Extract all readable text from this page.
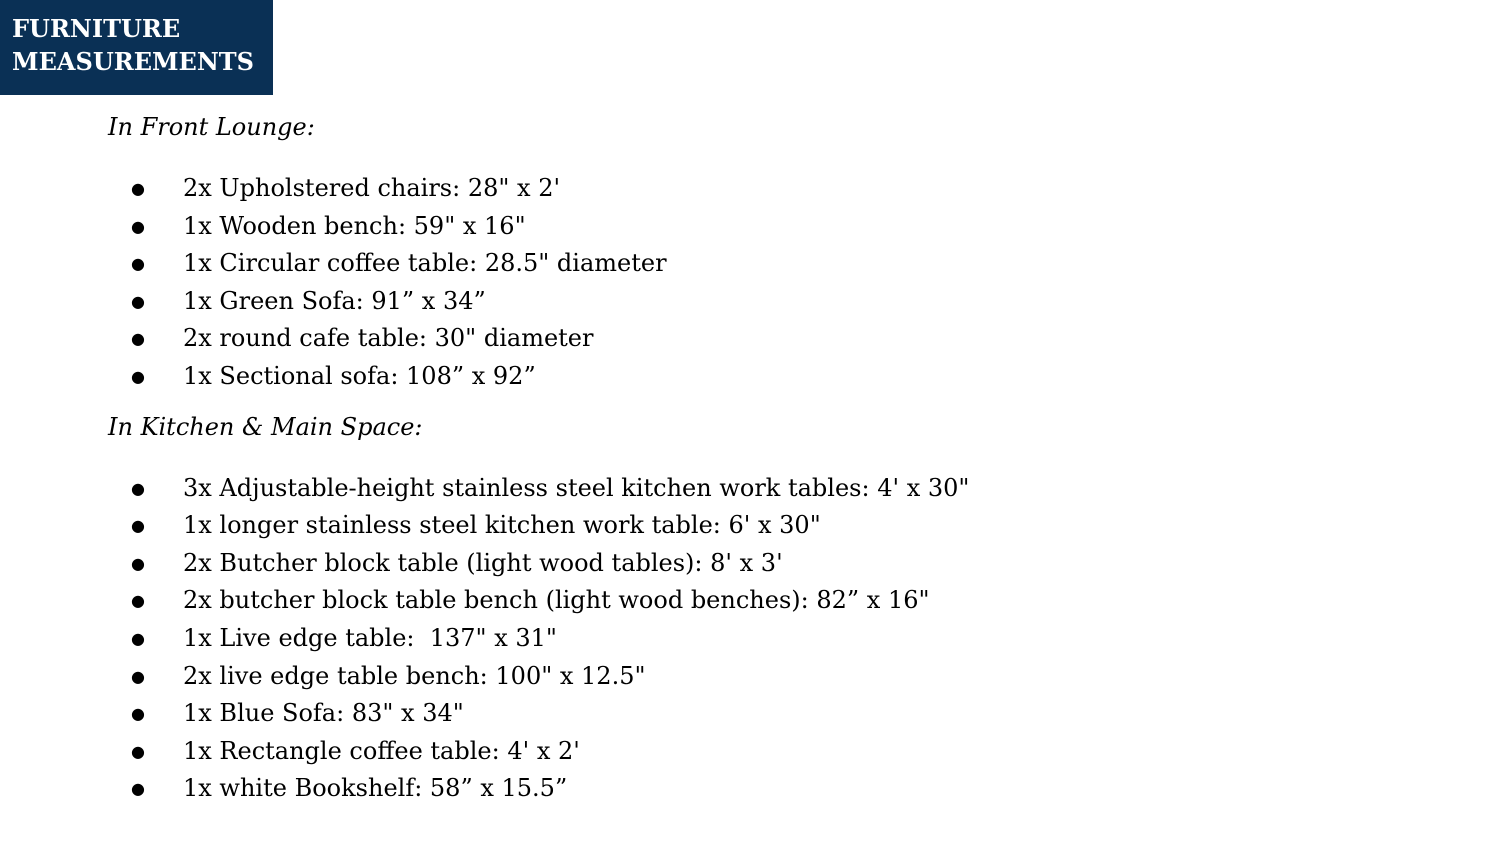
FURNITURE
MEASUREMENTS

In Front Lounge:

● 2x Upholstered chairs: 28" x 2'
● 1x Wooden bench: 59" x 16"
● 1x Circular coffee table: 28.5" diameter
● 1x Green Sofa: 91” x 34”
● 2x round cafe table: 30" diameter
● 1x Sectional sofa: 108” x 92”

In Kitchen & Main Space:

● 3x Adjustable-height stainless steel kitchen work tables: 4' x 30"
● 1x longer stainless steel kitchen work table: 6' x 30"
● 2x Butcher block table (light wood tables): 8' x 3'
● 2x butcher block table bench (light wood benches): 82” x 16"
● 1x Live edge table:  137" x 31"
● 2x live edge table bench: 100" x 12.5"
● 1x Blue Sofa: 83" x 34"
● 1x Rectangle coffee table: 4' x 2'
● 1x white Bookshelf: 58” x 15.5”
